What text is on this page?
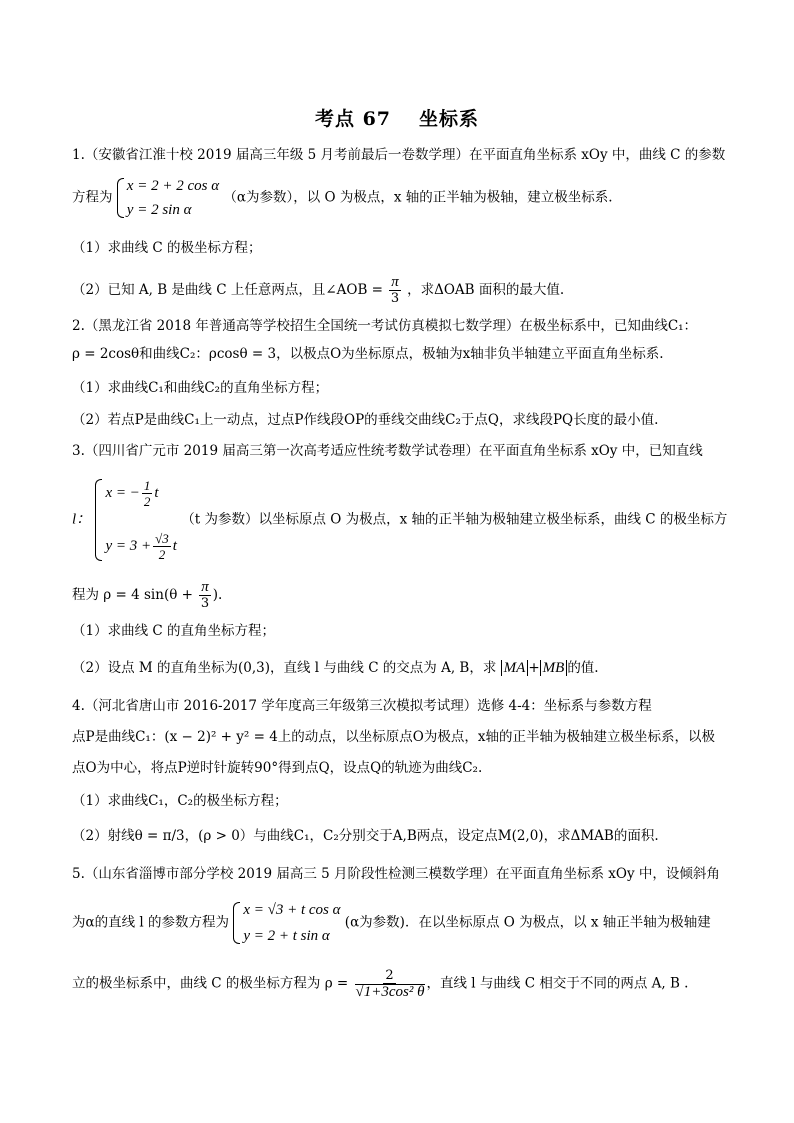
考点 67 坐标系
1.（安徽省江淮十校 2019 届高三年级 5 月考前最后一卷数学理）在平面直角坐标系 xOy 中，曲线 C 的参数
方程为
x = 2 + 2 cos α
y = 2 sin α
（α为参数），以 O 为极点，x 轴的正半轴为极轴，建立极坐标系.
（1）求曲线 C 的极坐标方程；
（2）已知 A, B 是曲线 C 上任意两点，且∠AOB = $\frac{\pi}{3}$ ，求ΔOAB 面积的最大值.
2.（黑龙江省 2018 年普通高等学校招生全国统一考试仿真模拟七数学理）在极坐标系中，已知曲线C₁：
ρ = 2cosθ和曲线C₂：ρcosθ = 3，以极点O为坐标原点，极轴为x轴非负半轴建立平面直角坐标系.
（1）求曲线C₁和曲线C₂的直角坐标方程；
（2）若点P是曲线C₁上一动点，过点P作线段OP的垂线交曲线C₂于点Q，求线段PQ长度的最小值.
3.（四川省广元市 2019 届高三第一次高考适应性统考数学试卷理）在平面直角坐标系 xOy 中，已知直线
l：
x = − $\frac{1}{2}$ t
$y = 3 + \frac{√3}{2}$ t
（t 为参数）以坐标原点 O 为极点，x 轴的正半轴为极轴建立极坐标系，曲线 C 的极坐标方
程为 ρ = 4 $\sin(\theta + \frac{\pi}{3}$ ).
（1）求曲线 C 的直角坐标方程；
（2）设点 M 的直角坐标为(0,3)，直线 l 与曲线 C 的交点为 A, B，求 MA + MB 的值.
4.（河北省唐山市 2016-2017 学年度高三年级第三次模拟考试理）选修 4-4：坐标系与参数方程
点P是曲线C₁：(x − 2)² + y² = 4上的动点，以坐标原点O为极点，x轴的正半轴为极轴建立极坐标系，以极
点O为中心，将点P逆时针旋转90°得到点Q，设点Q的轨迹为曲线C₂.
（1）求曲线C₁，C₂的极坐标方程；
（2）射线θ = π/3，(ρ > 0）与曲线C₁，C₂分别交于A,B两点，设定点M(2,0)，求ΔMAB的面积.
5.（山东省淄博市部分学校 2019 届高三 5 月阶段性检测三模数学理）在平面直角坐标系 xOy 中，设倾斜角
为α的直线 l 的参数方程为
x = √3 + t cos α
y = 2 + t sin α
(α为参数)．在以坐标原点 O 为极点，以 x 轴正半轴为极轴建
立的极坐标系中，曲线 C 的极坐标方程为 $\rho = \frac{2}{\text{√1+3cos² θ}}$ ，直线 l 与曲线 C 相交于不同的两点 A, B .
